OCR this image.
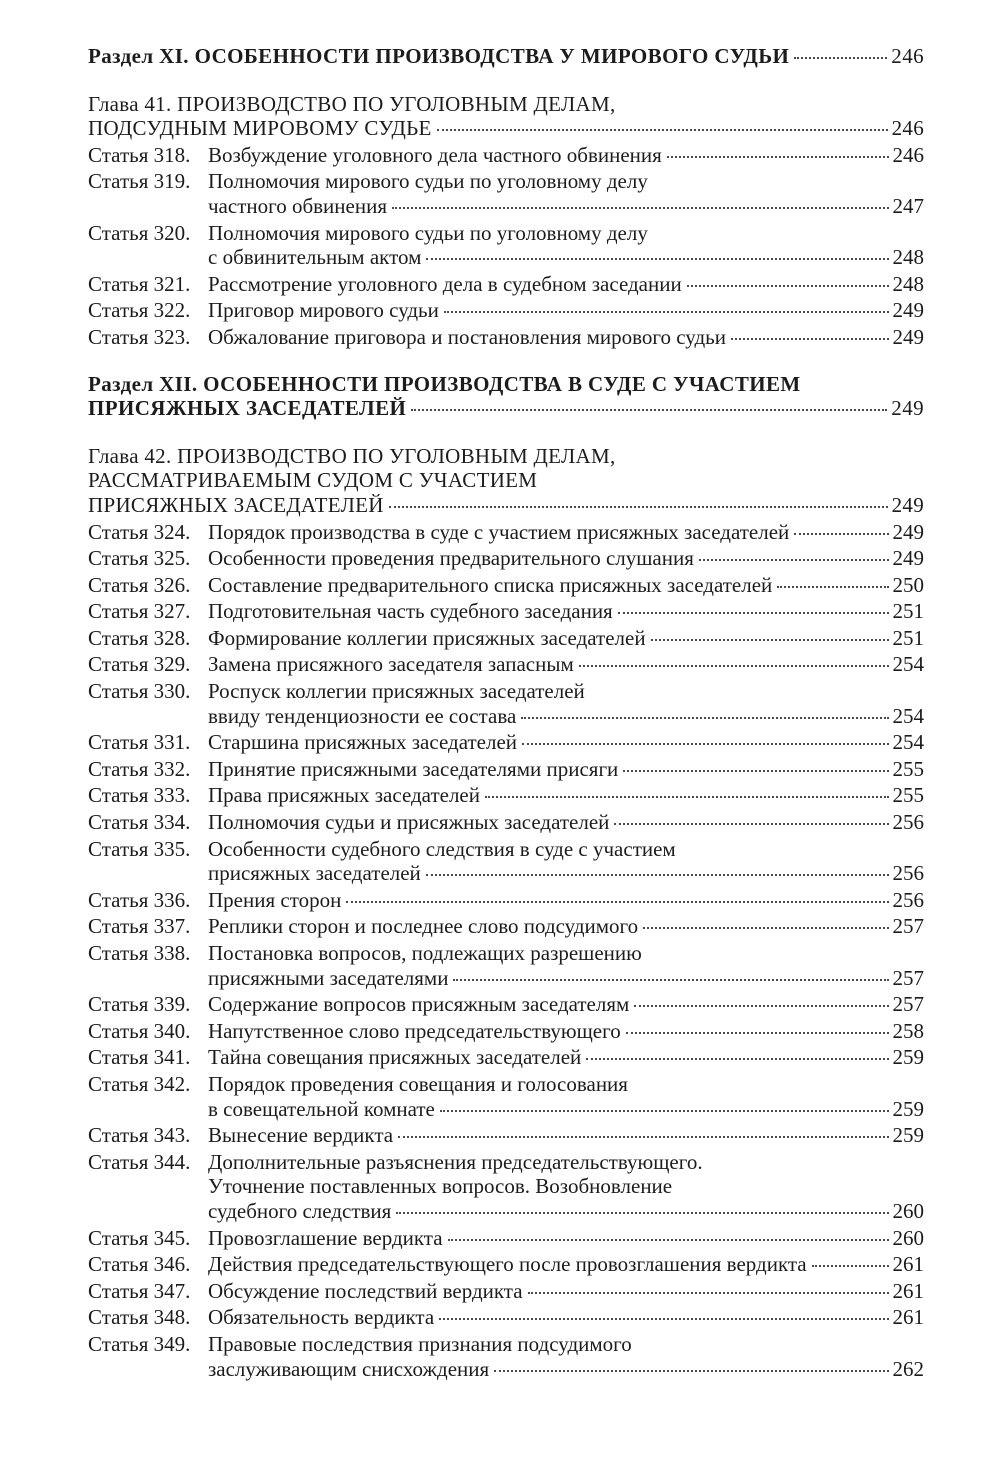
Раздел XI. ОСОБЕННОСТИ ПРОИЗВОДСТВА У МИРОВОГО СУДЬИ	246
Глава 41. ПРОИЗВОДСТВО ПО УГОЛОВНЫМ ДЕЛАМ,
ПОДСУДНЫМ МИРОВОМУ СУДЬЕ	246
Статья 318. Возбуждение уголовного дела частного обвинения	246
Статья 319. Полномочия мирового судьи по уголовному делу
частного обвинения	247
Статья 320. Полномочия мирового судьи по уголовному делу
с обвинительным актом	248
Статья 321. Рассмотрение уголовного дела в судебном заседании	248
Статья 322. Приговор мирового судьи	249
Статья 323. Обжалование приговора и постановления мирового судьи	249
Раздел XII. ОСОБЕННОСТИ ПРОИЗВОДСТВА В СУДЕ С УЧАСТИЕМ
ПРИСЯЖНЫХ ЗАСЕДАТЕЛЕЙ	249
Глава 42. ПРОИЗВОДСТВО ПО УГОЛОВНЫМ ДЕЛАМ,
РАССМАТРИВАЕМЫМ СУДОМ С УЧАСТИЕМ
ПРИСЯЖНЫХ ЗАСЕДАТЕЛЕЙ	249
Статья 324. Порядок производства в суде с участием присяжных заседателей	249
Статья 325. Особенности проведения предварительного слушания	249
Статья 326. Составление предварительного списка присяжных заседателей	250
Статья 327. Подготовительная часть судебного заседания	251
Статья 328. Формирование коллегии присяжных заседателей	251
Статья 329. Замена присяжного заседателя запасным	254
Статья 330. Роспуск коллегии присяжных заседателей
ввиду тенденциозности ее состава	254
Статья 331. Старшина присяжных заседателей	254
Статья 332. Принятие присяжными заседателями присяги	255
Статья 333. Права присяжных заседателей	255
Статья 334. Полномочия судьи и присяжных заседателей	256
Статья 335. Особенности судебного следствия в суде с участием
присяжных заседателей	256
Статья 336. Прения сторон	256
Статья 337. Реплики сторон и последнее слово подсудимого	257
Статья 338. Постановка вопросов, подлежащих разрешению
присяжными заседателями	257
Статья 339. Содержание вопросов присяжным заседателям	257
Статья 340. Напутственное слово председательствующего	258
Статья 341. Тайна совещания присяжных заседателей	259
Статья 342. Порядок проведения совещания и голосования
в совещательной комнате	259
Статья 343. Вынесение вердикта	259
Статья 344. Дополнительные разъяснения председательствующего.
Уточнение поставленных вопросов. Возобновление
судебного следствия	260
Статья 345. Провозглашение вердикта	260
Статья 346. Действия председательствующего после провозглашения вердикта	261
Статья 347. Обсуждение последствий вердикта	261
Статья 348. Обязательность вердикта	261
Статья 349. Правовые последствия признания подсудимого
заслуживающим снисхождения	262
